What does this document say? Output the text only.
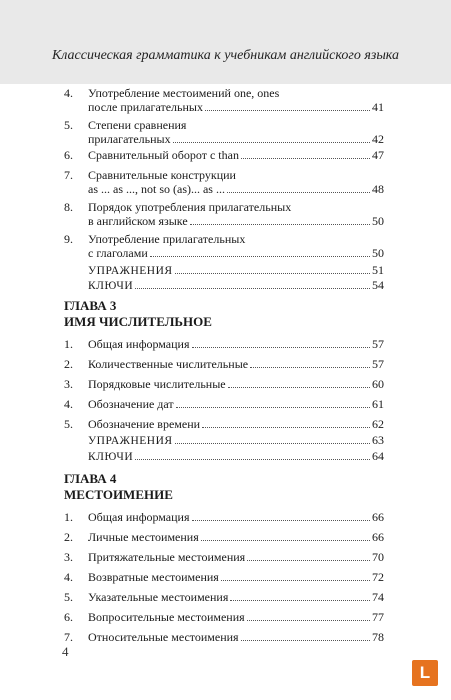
Классическая грамматика к учебникам английского языка
4. Употребление местоимений one, ones
после прилагательных	41
5. Степени сравнения
прилагательных	42
6. Сравнительный оборот с than	47
7. Сравнительные конструкции
as ... as ..., not so (as)... as ...	48
8. Порядок употребления прилагательных
в английском языке	50
9. Употребление прилагательных
с глаголами	50
УПРАЖНЕНИЯ	51
КЛЮЧИ	54
ГЛАВА 3
ИМЯ ЧИСЛИТЕЛЬНОЕ
1. Общая информация	57
2. Количественные числительные	57
3. Порядковые числительные	60
4. Обозначение дат	61
5. Обозначение времени	62
УПРАЖНЕНИЯ	63
КЛЮЧИ	64
ГЛАВА 4
МЕСТОИМЕНИЕ
1. Общая информация	66
2. Личные местоимения	66
3. Притяжательные местоимения	70
4. Возвратные местоимения	72
5. Указательные местоимения	74
6. Вопросительные местоимения	77
7. Относительные местоимения	78
4
L
